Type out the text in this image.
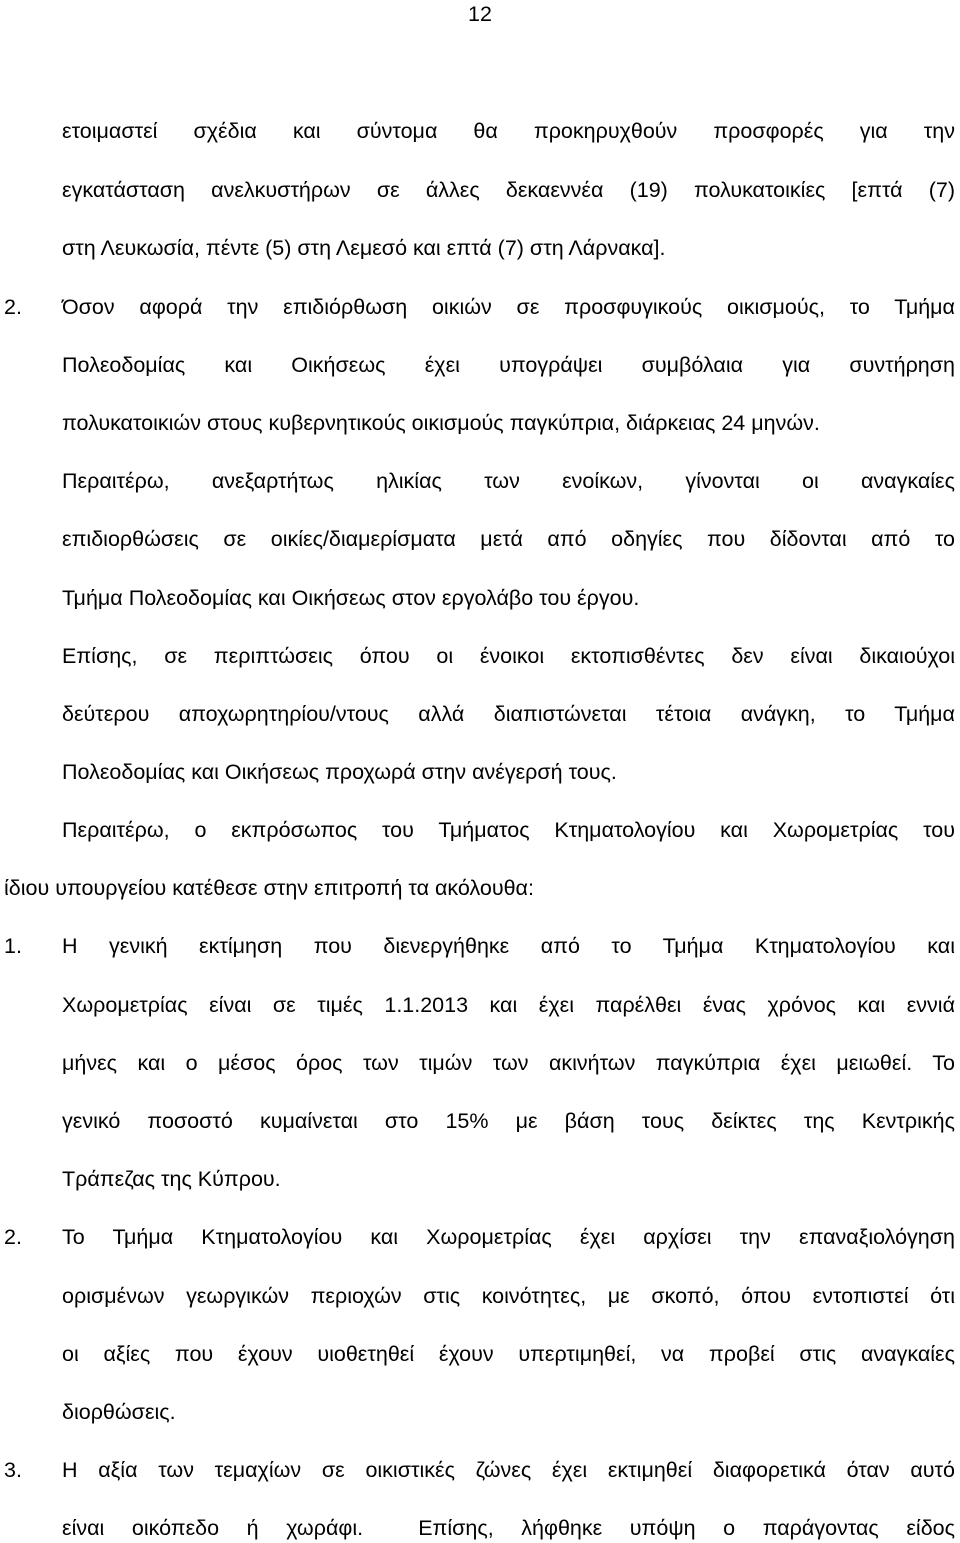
12
ετοιμαστεί σχέδια και σύντομα θα προκηρυχθούν προσφορές για την
εγκατάσταση ανελκυστήρων σε άλλες δεκαεννέα (19) πολυκατοικίες [επτά (7)
στη Λευκωσία, πέντε (5) στη Λεμεσό και επτά (7) στη Λάρνακα].
2. Όσον αφορά την επιδιόρθωση οικιών σε προσφυγικούς οικισμούς, το Τμήμα
Πολεοδομίας και Οικήσεως έχει υπογράψει συμβόλαια για συντήρηση
πολυκατοικιών στους κυβερνητικούς οικισμούς παγκύπρια, διάρκειας 24 μηνών.
Περαιτέρω, ανεξαρτήτως ηλικίας των ενοίκων, γίνονται οι αναγκαίες
επιδιορθώσεις σε οικίες/διαμερίσματα μετά από οδηγίες που δίδονται από το
Τμήμα Πολεοδομίας και Οικήσεως στον εργολάβο του έργου.
Επίσης, σε περιπτώσεις όπου οι ένοικοι εκτοπισθέντες δεν είναι δικαιούχοι
δεύτερου αποχωρητηρίου/ντους αλλά διαπιστώνεται τέτοια ανάγκη, το Τμήμα
Πολεοδομίας και Οικήσεως προχωρά στην ανέγερσή τους.
Περαιτέρω, ο εκπρόσωπος του Τμήματος Κτηματολογίου και Χωρομετρίας του
ίδιου υπουργείου κατέθεσε στην επιτροπή τα ακόλουθα:
1. Η γενική εκτίμηση που διενεργήθηκε από το Τμήμα Κτηματολογίου και
Χωρομετρίας είναι σε τιμές 1.1.2013 και έχει παρέλθει ένας χρόνος και εννιά
μήνες και ο μέσος όρος των τιμών των ακινήτων παγκύπρια έχει μειωθεί. Το
γενικό ποσοστό κυμαίνεται στο 15% με βάση τους δείκτες της Κεντρικής
Τράπεζας της Κύπρου.
2. Το Τμήμα Κτηματολογίου και Χωρομετρίας έχει αρχίσει την επαναξιολόγηση
ορισμένων γεωργικών περιοχών στις κοινότητες, με σκοπό, όπου εντοπιστεί ότι
οι αξίες που έχουν υιοθετηθεί έχουν υπερτιμηθεί, να προβεί στις αναγκαίες
διορθώσεις.
3. Η αξία των τεμαχίων σε οικιστικές ζώνες έχει εκτιμηθεί διαφορετικά όταν αυτό
είναι οικόπεδο ή χωράφι.  Επίσης, λήφθηκε υπόψη ο παράγοντας είδος
